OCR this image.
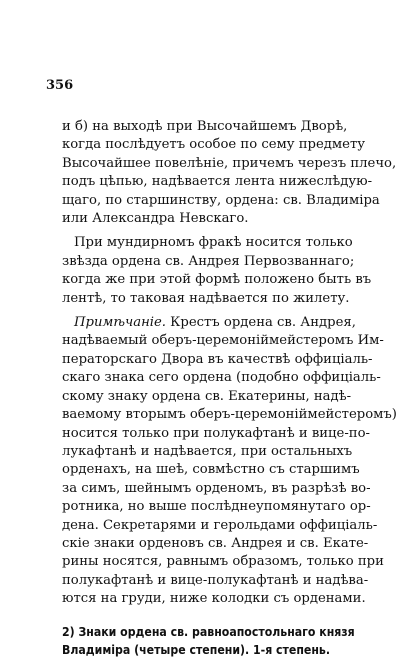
356
и б) на выходѣ при Высочайшемъ Дворѣ,
когда послѣдуетъ особое по сему предмету
Высочайшее повелѣніе, причемъ черезъ плечо,
подъ цѣпью, надѣвается лента нижеслѣдую-
щаго, по старшинству, ордена: св. Владиміра
или Александра Невскаго.
При мундирномъ фракѣ носится только
звѣзда ордена св. Андрея Первозваннаго;
когда же при этой формѣ положено быть въ
лентѣ, то таковая надѣвается по жилету.
Примѣчаніе. Крестъ ордена св. Андрея,
надѣваемый оберъ-церемоніймейстеромъ Им-
ператорскаго Двора въ качествѣ оффиціаль-
скаго знака сего ордена (подобно оффиціаль-
скому знаку ордена св. Екатерины, надѣ-
ваемому вторымъ оберъ-церемоніймейстеромъ)
носится только при полукафтанѣ и вице-по-
лукафтанѣ и надѣвается, при остальныхъ
орденахъ, на шеѣ, совмѣстно съ старшимъ
за симъ, шейнымъ орденомъ, въ разрѣзѣ во-
ротника, но выше послѣднеупомянутаго ор-
дена. Секретарями и герольдами оффиціаль-
скіе знаки орденовъ св. Андрея и св. Екате-
рины носятся, равнымъ образомъ, только при
полукафтанѣ и вице-полукафтанѣ и надѣва-
ются на груди, ниже колодки съ орденами.
2) Знаки ордена св. равноапостольнаго князя
Владиміра (четыре степени). 1-я степень.
